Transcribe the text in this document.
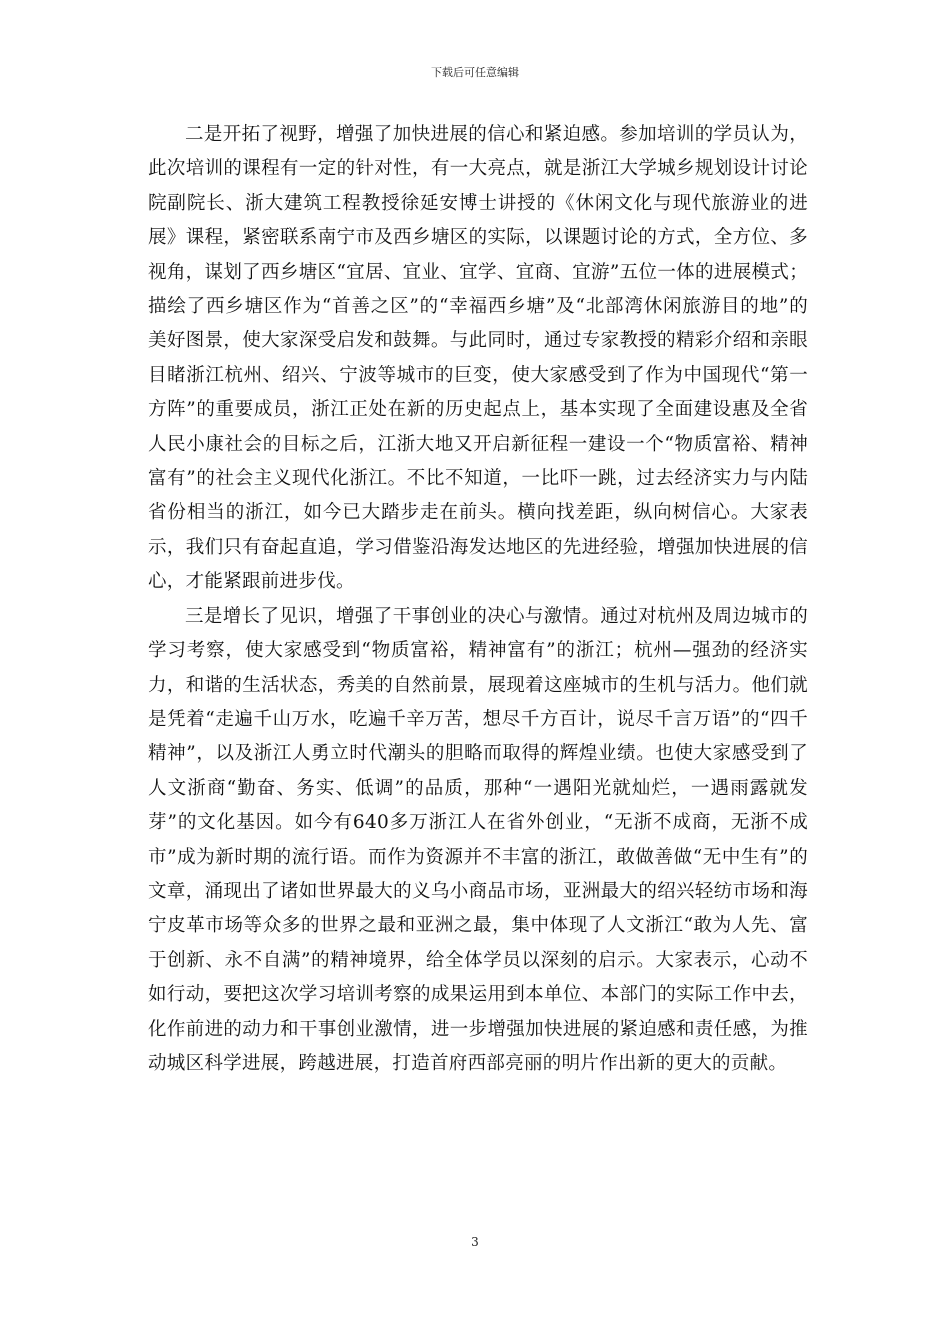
下载后可任意编辑

二是开拓了视野，增强了加快进展的信心和紧迫感。参加培训的学员认为，此次培训的课程有一定的针对性，有一大亮点，就是浙江大学城乡规划设计讨论院副院长、浙大建筑工程教授徐延安博士讲授的《休闲文化与现代旅游业的进展》课程，紧密联系南宁市及西乡塘区的实际，以课题讨论的方式，全方位、多视角，谋划了西乡塘区“宜居、宜业、宜学、宜商、宜游”五位一体的进展模式；描绘了西乡塘区作为“首善之区”的“幸福西乡塘”及“北部湾休闲旅游目的地”的美好图景，使大家深受启发和鼓舞。与此同时，通过专家教授的精彩介绍和亲眼目睹浙江杭州、绍兴、宁波等城市的巨变，使大家感受到了作为中国现代“第一方阵”的重要成员，浙江正处在新的历史起点上，基本实现了全面建设惠及全省人民小康社会的目标之后，江浙大地又开启新征程一建设一个“物质富裕、精神富有”的社会主义现代化浙江。不比不知道，一比吓一跳，过去经济实力与内陆省份相当的浙江，如今已大踏步走在前头。横向找差距，纵向树信心。大家表示，我们只有奋起直追，学习借鉴沿海发达地区的先进经验，增强加快进展的信心，才能紧跟前进步伐。

三是增长了见识，增强了干事创业的决心与激情。通过对杭州及周边城市的学习考察，使大家感受到“物质富裕，精神富有”的浙江；杭州—强劲的经济实力，和谐的生活状态，秀美的自然前景，展现着这座城市的生机与活力。他们就是凭着“走遍千山万水，吃遍千辛万苦，想尽千方百计，说尽千言万语”的“四千精神”，以及浙江人勇立时代潮头的胆略而取得的辉煌业绩。也使大家感受到了人文浙商“勤奋、务实、低调”的品质，那种“一遇阳光就灿烂，一遇雨露就发芽”的文化基因。如今有640多万浙江人在省外创业，“无浙不成商，无浙不成市”成为新时期的流行语。而作为资源并不丰富的浙江，敢做善做“无中生有”的文章，涌现出了诸如世界最大的义乌小商品市场，亚洲最大的绍兴轻纺市场和海宁皮革市场等众多的世界之最和亚洲之最，集中体现了人文浙江“敢为人先、富于创新、永不自满”的精神境界，给全体学员以深刻的启示。大家表示，心动不如行动，要把这次学习培训考察的成果运用到本单位、本部门的实际工作中去，化作前进的动力和干事创业激情，进一步增强加快进展的紧迫感和责任感，为推动城区科学进展，跨越进展，打造首府西部亮丽的明片作出新的更大的贡献。

3
